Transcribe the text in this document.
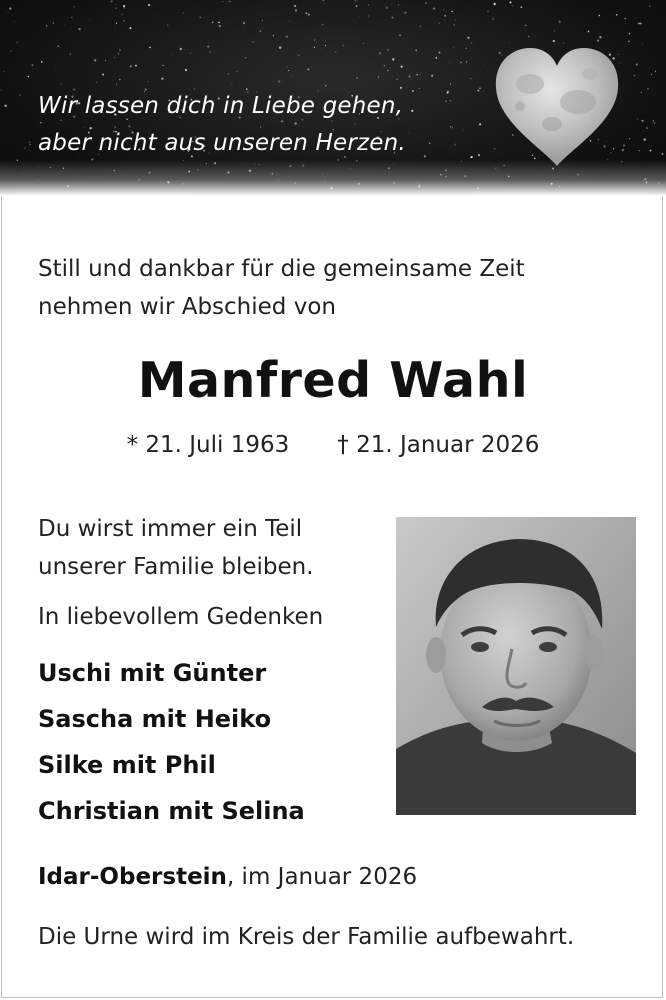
Wir lassen dich in Liebe gehen,
aber nicht aus unseren Herzen.

Still und dankbar für die gemeinsame Zeit
nehmen wir Abschied von

Manfred Wahl
* 21. Juli 1963 † 21. Januar 2026

Du wirst immer ein Teil
unserer Familie bleiben.

In liebevollem Gedenken

Uschi mit Günter
Sascha mit Heiko
Silke mit Phil
Christian mit Selina
Idar-Oberstein, im Januar 2026
Die Urne wird im Kreis der Familie aufbewahrt.
